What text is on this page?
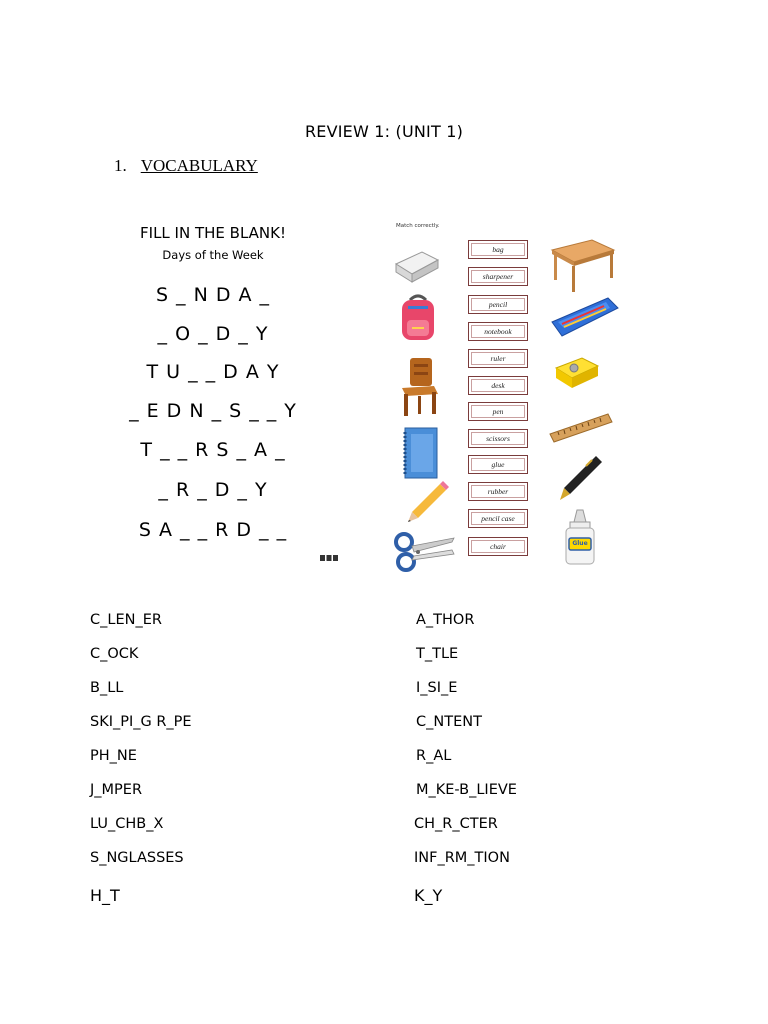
REVIEW 1: (UNIT 1)
1. VOCABULARY
FILL IN THE BLANK!
Days of the Week
S _ N D A _
_ O _ D _ Y
T U _ _ D A Y
_ E D N _ S _ _ Y
T _ _ R S _ A _
_ R _ D _ Y
S A _ _ R D _ _
Match correctly.
bag
sharpener
pencil
notebook
ruler
desk
pen
scissors
glue
rubber
pencil case
chair	Glue
C_LEN_ER
C_OCK
B_LL
SKI_PI_G R_PE
PH_NE
J_MPER
LU_CHB_X
S_NGLASSES
H_T
A_THOR
T_TLE
I_SI_E
C_NTENT
R_AL
M_KE-B_LIEVE
CH_R_CTER
INF_RM_TION
K_Y
